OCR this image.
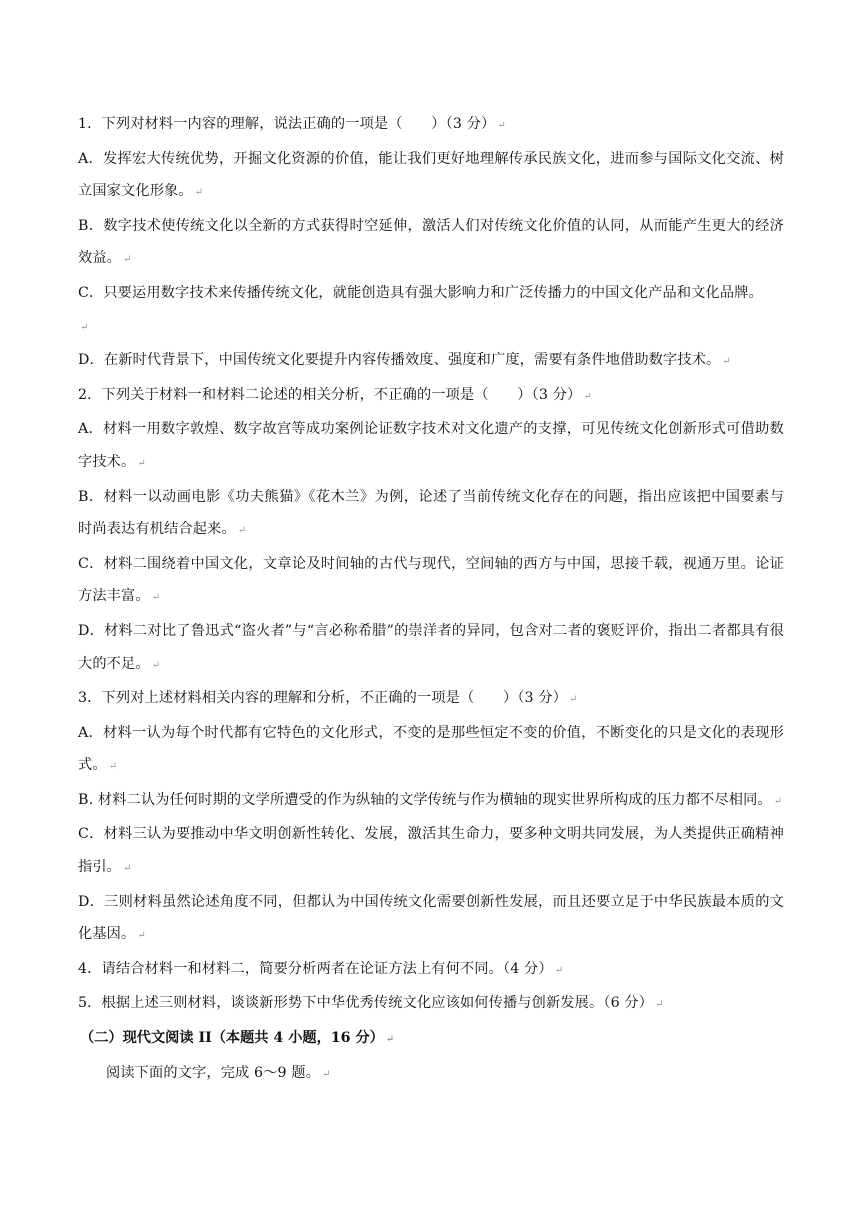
1．下列对材料一内容的理解，说法正确的一项是（　　）（3 分） ↵

A．发挥宏大传统优势，开掘文化资源的价值，能让我们更好地理解传承民族文化，进而参与国际文化交流、树立国家文化形象。 ↵

B．数字技术使传统文化以全新的方式获得时空延伸，激活人们对传统文化价值的认同，从而能产生更大的经济效益。 ↵

C．只要运用数字技术来传播传统文化，就能创造具有强大影响力和广泛传播力的中国文化产品和文化品牌。
↵

D．在新时代背景下，中国传统文化要提升内容传播效度、强度和广度，需要有条件地借助数字技术。 ↵

2．下列关于材料一和材料二论述的相关分析，不正确的一项是（　　）（3 分） ↵

A．材料一用数字敦煌、数字故宫等成功案例论证数字技术对文化遗产的支撑，可见传统文化创新形式可借助数字技术。 ↵

B．材料一以动画电影《功夫熊猫》《花木兰》为例，论述了当前传统文化存在的问题，指出应该把中国要素与时尚表达有机结合起来。 ↵

C．材料二围绕着中国文化，文章论及时间轴的古代与现代，空间轴的西方与中国，思接千载，视通万里。论证方法丰富。 ↵

D．材料二对比了鲁迅式“盗火者”与“言必称希腊”的崇洋者的异同，包含对二者的褒贬评价，指出二者都具有很大的不足。 ↵

3．下列对上述材料相关内容的理解和分析，不正确的一项是（　　）（3 分） ↵

A．材料一认为每个时代都有它特色的文化形式，不变的是那些恒定不变的价值，不断变化的只是文化的表现形式。 ↵

B. 材料二认为任何时期的文学所遭受的作为纵轴的文学传统与作为横轴的现实世界所构成的压力都不尽相同。 ↵

C．材料三认为要推动中华文明创新性转化、发展，激活其生命力，要多种文明共同发展，为人类提供正确精神指引。 ↵

D．三则材料虽然论述角度不同，但都认为中国传统文化需要创新性发展，而且还要立足于中华民族最本质的文化基因。 ↵

4．请结合材料一和材料二，简要分析两者在论证方法上有何不同。（4 分） ↵

5．根据上述三则材料，谈谈新形势下中华优秀传统文化应该如何传播与创新发展。（6 分） ↵

（二）现代文阅读 II（本题共 4 小题，16 分） ↵

阅读下面的文字，完成 6～9 题。 ↵
